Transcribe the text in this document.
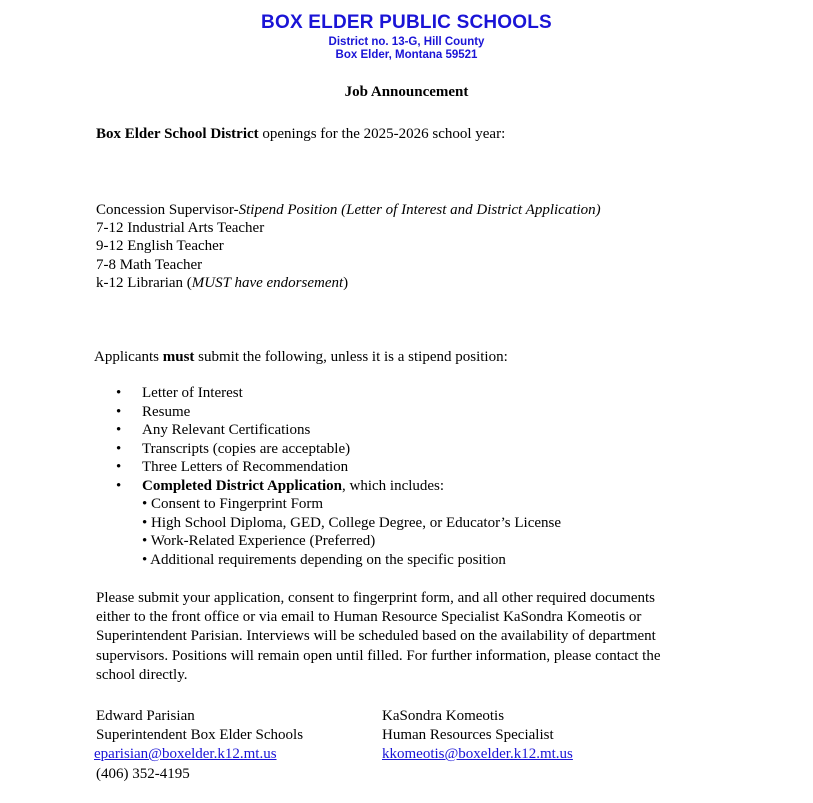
BOX ELDER PUBLIC SCHOOLS
District no. 13-G, Hill County
Box Elder, Montana 59521
Job Announcement
Box Elder School District openings for the 2025-2026 school year:
Concession Supervisor-Stipend Position (Letter of Interest and District Application)
7-12 Industrial Arts Teacher
9-12 English Teacher
7-8 Math Teacher
k-12 Librarian (MUST have endorsement)
Applicants must submit the following, unless it is a stipend position:
• Letter of Interest
• Resume
• Any Relevant Certifications
• Transcripts (copies are acceptable)
• Three Letters of Recommendation
• Completed District Application, which includes:
• Consent to Fingerprint Form
• High School Diploma, GED, College Degree, or Educator’s License
• Work-Related Experience (Preferred)
• Additional requirements depending on the specific position
Please submit your application, consent to fingerprint form, and all other required documents either to the front office or via email to Human Resource Specialist KaSondra Komeotis or Superintendent Parisian. Interviews will be scheduled based on the availability of department supervisors. Positions will remain open until filled. For further information, please contact the school directly.
Edward Parisian
Superintendent Box Elder Schools
eparisian@boxelder.k12.mt.us
(406) 352-4195
KaSondra Komeotis
Human Resources Specialist
kkomeotis@boxelder.k12.mt.us
